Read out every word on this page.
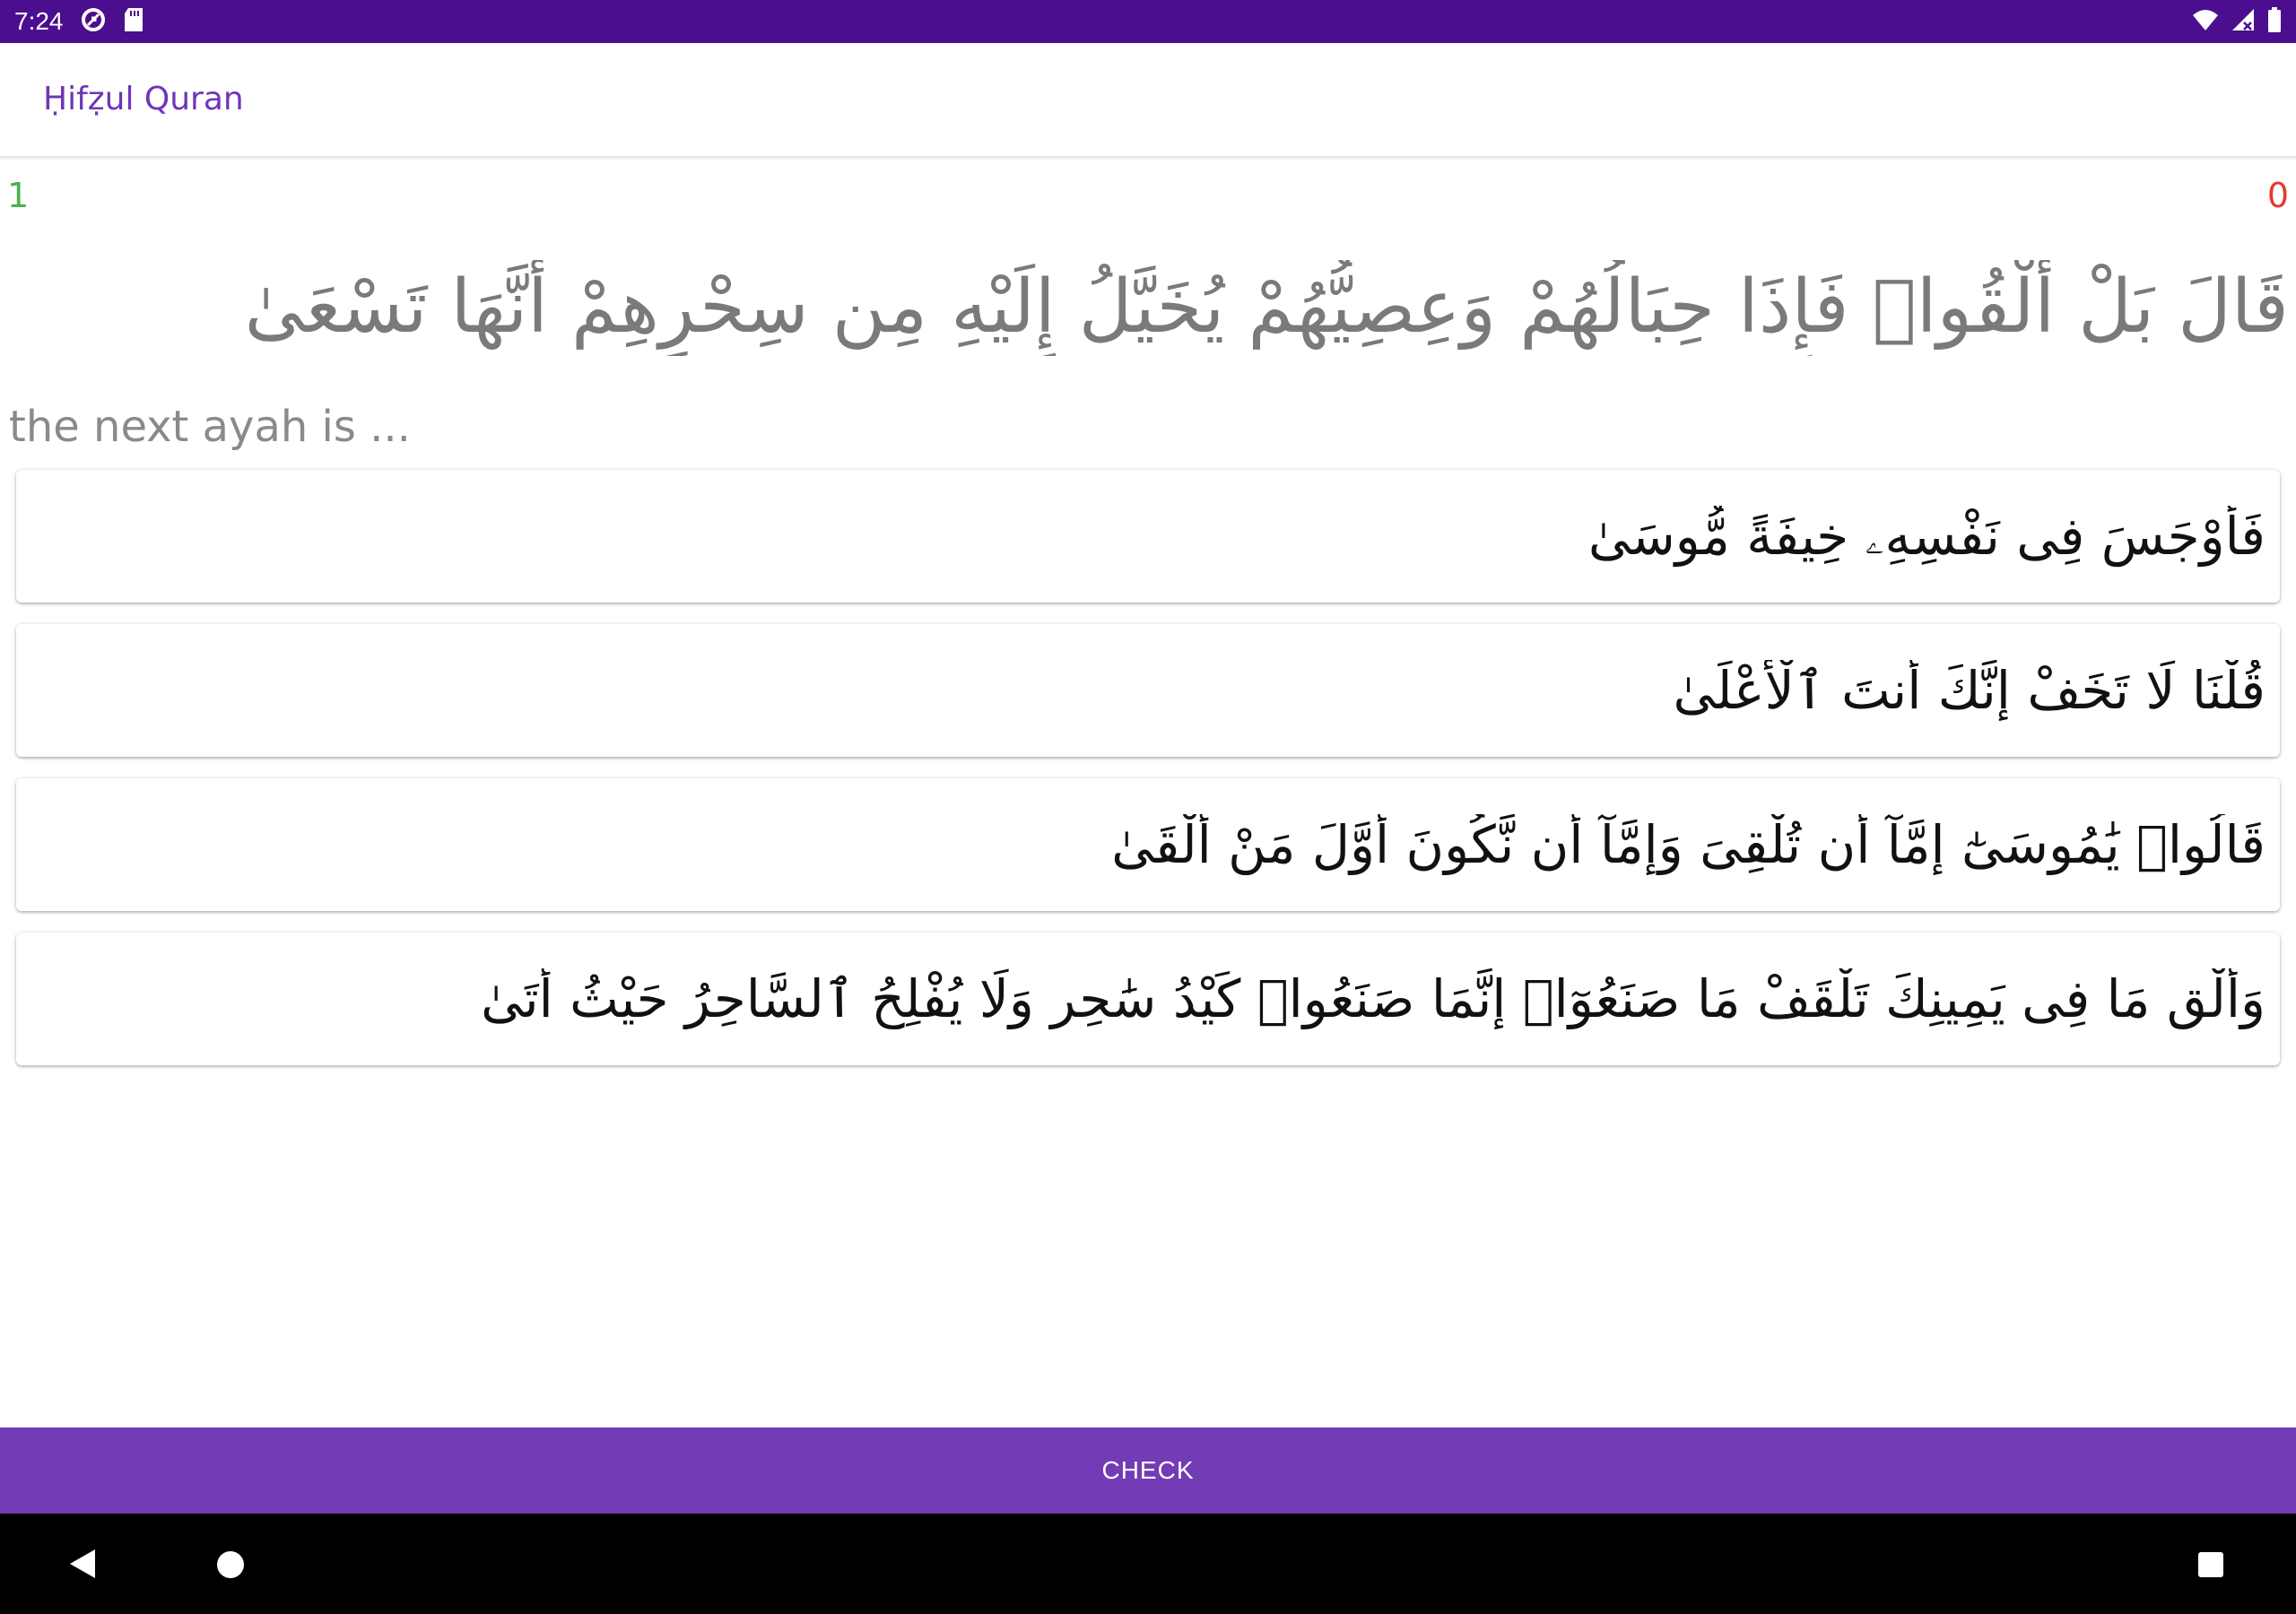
7:24
Ḥifẓul Quran
1	0
قَالَ بَلْ أَلْقُوا۟ فَإِذَا حِبَالُهُمْ وَعِصِيُّهُمْ يُخَيَّلُ إِلَيْهِ مِن سِحْرِهِمْ أَنَّهَا تَسْعَىٰ
the next ayah is ...
فَأَوْجَسَ فِى نَفْسِهِۦ خِيفَةً مُّوسَىٰ
قُلْنَا لَا تَخَفْ إِنَّكَ أَنتَ ٱلْأَعْلَىٰ
قَالُوا۟ يَٰمُوسَىٰٓ إِمَّآ أَن تُلْقِىَ وَإِمَّآ أَن نَّكُونَ أَوَّلَ مَنْ أَلْقَىٰ
وَأَلْقِ مَا فِى يَمِينِكَ تَلْقَفْ مَا صَنَعُوٓا۟ إِنَّمَا صَنَعُوا۟ كَيْدُ سَٰحِرٍ وَلَا يُفْلِحُ ٱلسَّاحِرُ حَيْثُ أَتَىٰ
CHECK
